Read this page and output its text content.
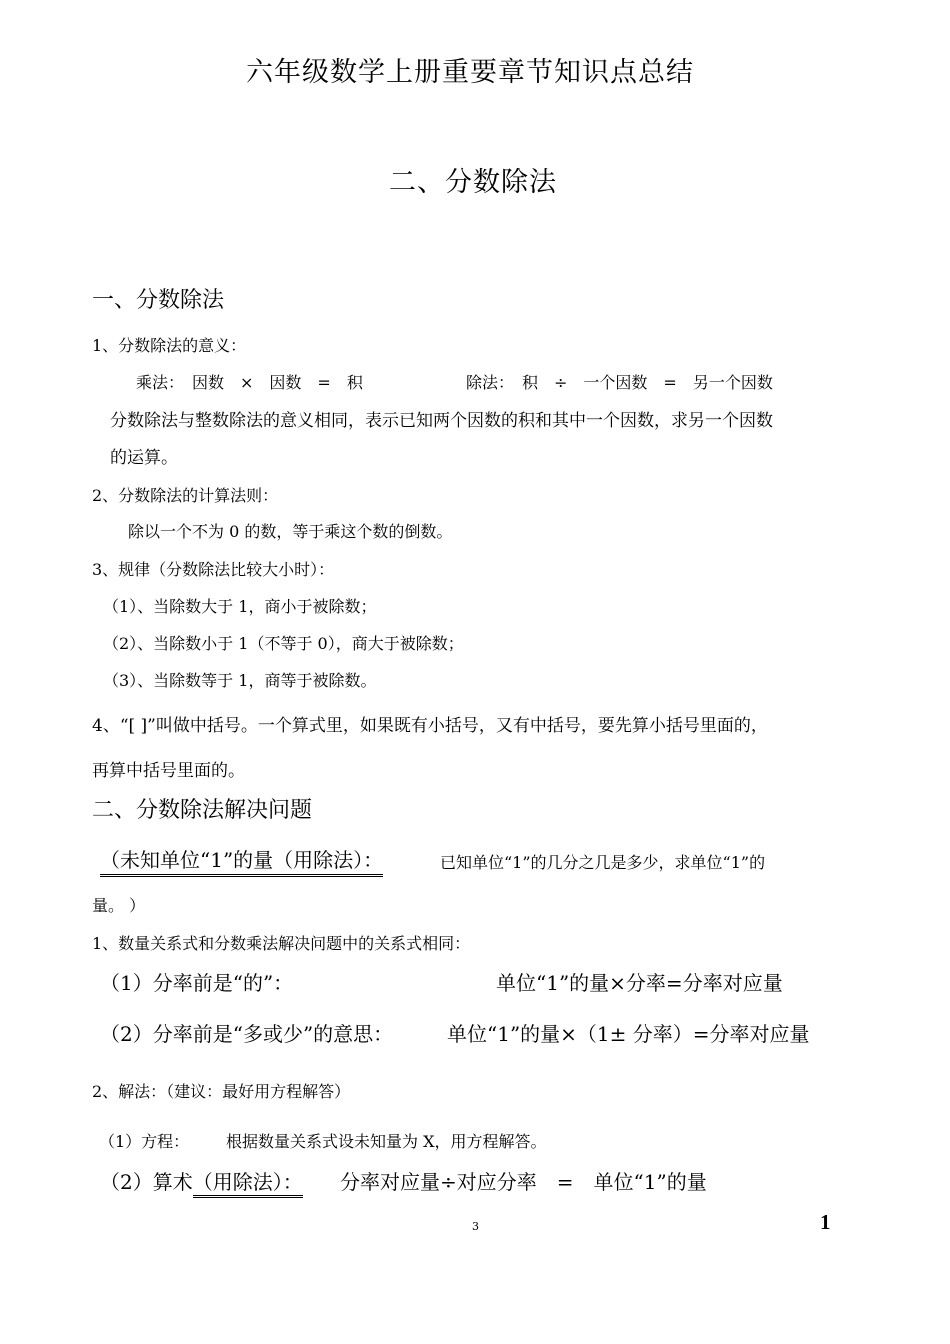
六年级数学上册重要章节知识点总结
二、分数除法
一、分数除法
1、分数除法的意义：
乘法：　因数　×　因数　=　积	除法：　积　÷　一个因数　=　另一个因数
分数除法与整数除法的意义相同，表示已知两个因数的积和其中一个因数，求另一个因数
的运算。
2、分数除法的计算法则：
除以一个不为 0 的数，等于乘这个数的倒数。
3、规律（分数除法比较大小时）：
（1）、当除数大于 1，商小于被除数；
（2）、当除数小于 1（不等于 0），商大于被除数；
（3）、当除数等于 1，商等于被除数。
4、“[ ]”叫做中括号。一个算式里，如果既有小括号，又有中括号，要先算小括号里面的，
再算中括号里面的。
二、分数除法解决问题
（未知单位“1”的量（用除法）：	已知单位“1”的几分之几是多少，求单位“1”的
量。 ）
1、数量关系式和分数乘法解决问题中的关系式相同：
（1）分率前是“的”：	单位“1”的量×分率=分率对应量
（2）分率前是“多或少”的意思：	单位“1”的量×（1± 分率）=分率对应量
2、解法：（建议：最好用方程解答）
（1）方程： 根据数量关系式设未知量为 X，用方程解答。
（2）算术（用除法）： 分率对应量÷对应分率　=　单位“1”的量
3	1
